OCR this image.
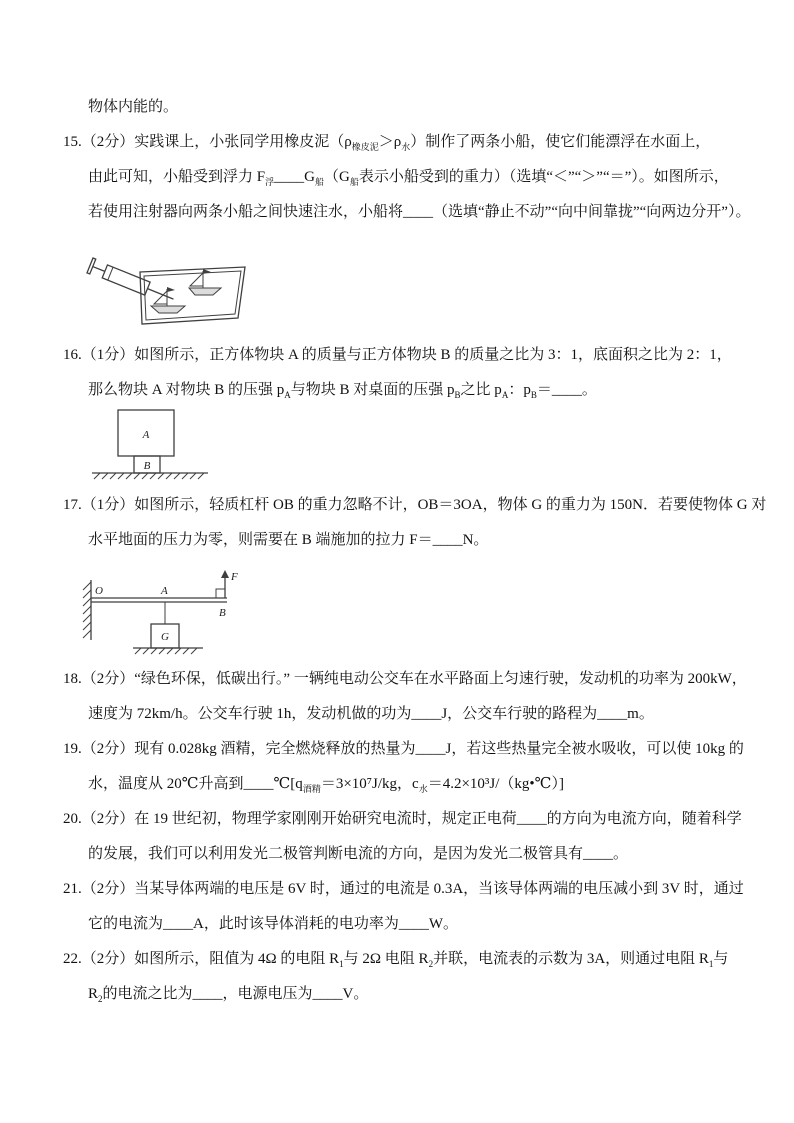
物体内能的。
15.（2分）实践课上，小张同学用橡皮泥$(\rho_{橡皮泥}>\rho_水)$制作了两条小船，使它们能漂浮在水面上，
由此可知，小船受到浮力 $F_浮\_\_\_\_G_船(G_船$表示小船受到的重力）（选填“＜”“＞”“＝”）。如图所示，
若使用注射器向两条小船之间快速注水，小船将____（选填“静止不动”“向中间靠拢”“向两边分开”）。
16.（1分）如图所示，正方体物块 A 的质量与正方体物块 B 的质量之比为 3：1，底面积之比为 2：1，
那么物块 A 对物块 B 的压强 $p_A$与物块 B 对桌面的压强 $p_B$之比 $p_A$：$p_B=\_\_\_\_$。
A
B
17.（1分）如图所示，轻质杠杆 OB 的重力忽略不计，OB＝3OA，物体 G 的重力为 150N．若要使物体 G 对
水平地面的压力为零，则需要在 B 端施加的拉力 F＝____N。
O	A
G
F
B
18.（2分）“绿色环保，低碳出行。” 一辆纯电动公交车在水平路面上匀速行驶，发动机的功率为 200kW，
速度为 72km/h。公交车行驶 1h，发动机做的功为____J，公交车行驶的路程为____m。
19.（2分）现有 0.028kg 酒精，完全燃烧释放的热量为____J，若这些热量完全被水吸收，可以使 10kg 的
水，温度从 20℃升高到$\_\_\_\_℃[q_{酒精}=3\times 10^7J/kg$，$c_水=4.2\times 10^3J/(kg•℃)$]
20.（2分）在 19 世纪初，物理学家刚刚开始研究电流时，规定正电荷____的方向为电流方向，随着科学
的发展，我们可以利用发光二极管判断电流的方向，是因为发光二极管具有____。
21.（2分）当某导体两端的电压是 6V 时，通过的电流是 0.3A，当该导体两端的电压减小到 3V 时，通过
它的电流为____A，此时该导体消耗的电功率为____W。
22.（2分）如图所示，阻值为 4Ω 的电阻 $R_1$与 2Ω 电阻 $R_2$并联，电流表的示数为 3A，则通过电阻 $R_1$与
$R_2$的电流之比为____，电源电压为____V。
